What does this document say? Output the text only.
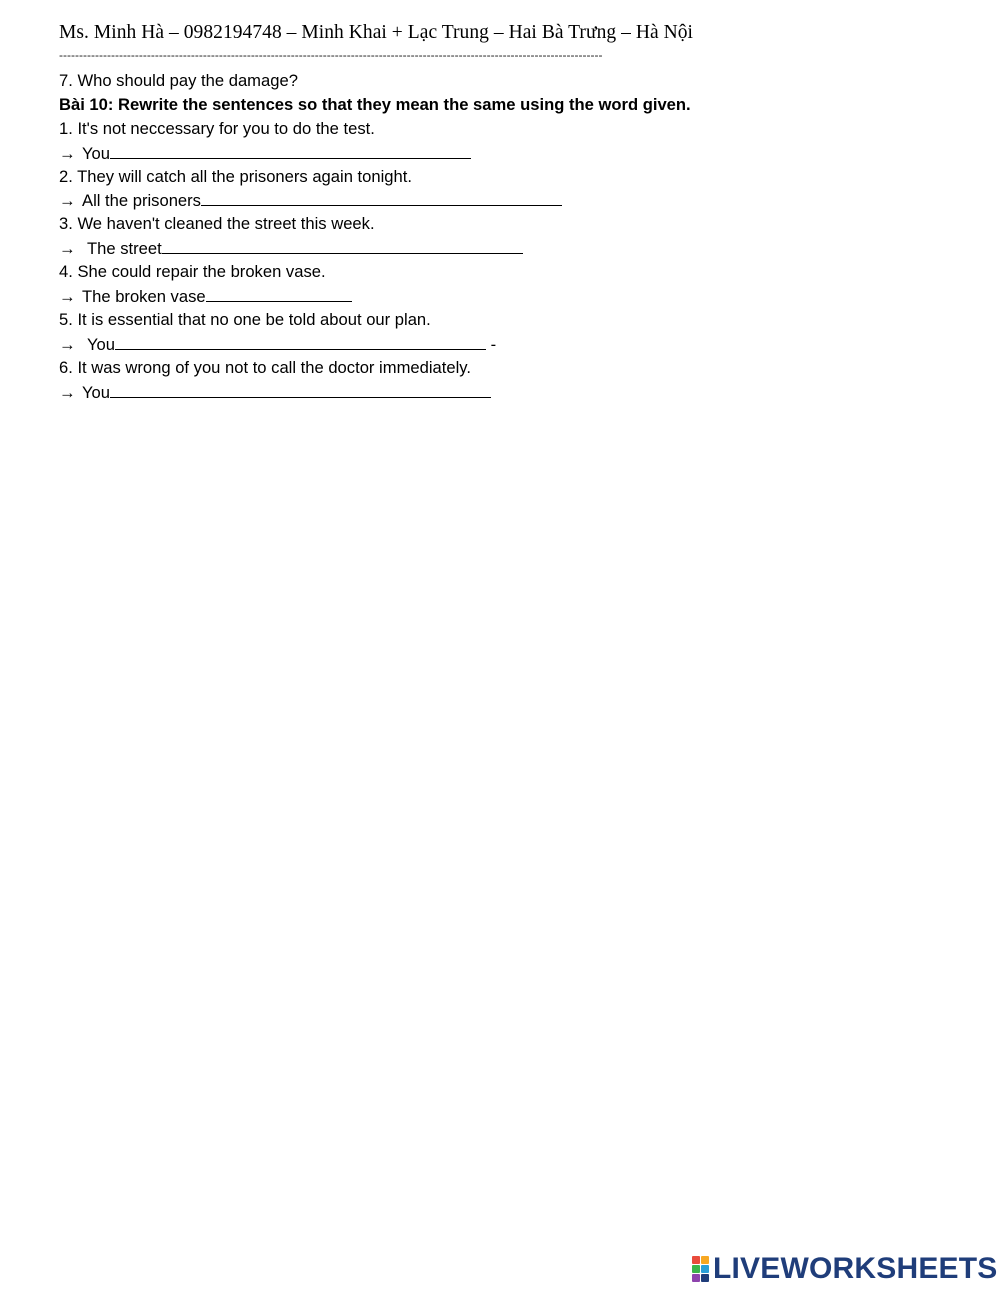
Ms. Minh Hà – 0982194748 – Minh Khai + Lạc Trung – Hai Bà Trưng – Hà Nội
----------------------------------------------------------------------------------------------------------------------------------------
7. Who should pay the damage?
Bài 10: Rewrite the sentences so that they mean the same using the word given.
1. It's not neccessary for you to do the test.
→ You
2. They will catch all the prisoners again tonight.
→ All the prisoners
3. We haven't cleaned the street this week.
→ The street
4. She could repair the broken vase.
→ The broken vase
5. It is essential that no one be told about our plan.
→ You	-
6. It was wrong of you not to call the doctor immediately.
→ You
LIVEWORKSHEETS
